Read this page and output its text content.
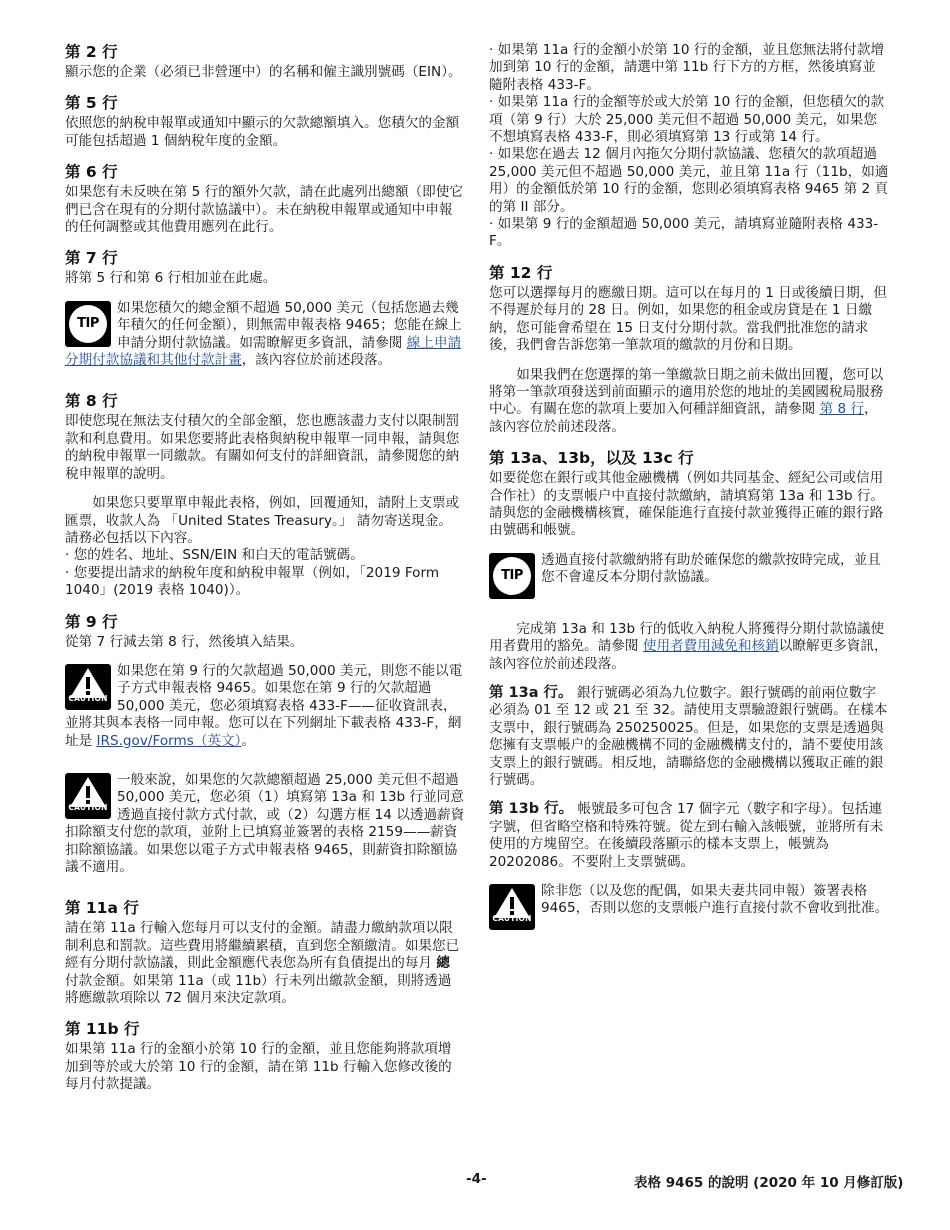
第 2 行

顯示您的企業（必須已非營運中）的名稱和僱主識別號碼（EIN）。

第 5 行

依照您的納稅申報單或通知中顯示的欠款總額填入。您積欠的金額可能包括超過 1 個納稅年度的金額。

第 6 行

如果您有未反映在第 5 行的額外欠款，請在此處列出總額（即使它們已含在現有的分期付款協議中）。未在納稅申報單或通知中申報的任何調整或其他費用應列在此行。

第 7 行

將第 5 行和第 6 行相加並在此處。

TIP
如果您積欠的總金額不超過 50,000 美元（包括您過去幾年積欠的任何金額），則無需申報表格 9465；您能在線上申請分期付款協議。如需瞭解更多資訊，請參閱 線上申請分期付款協議和其他付款計畫，該內容位於前述段落。
第 8 行

即使您現在無法支付積欠的全部金額，您也應該盡力支付以限制罰款和利息費用。如果您要將此表格與納稅申報單一同申報，請與您的納稅申報單一同繳款。有關如何支付的詳細資訊，請參閱您的納稅申報單的說明。

如果您只要單單申報此表格，例如，回覆通知，請附上支票或匯票，收款人為 「United States Treasury。」 請勿寄送現金。請務必包括以下內容。

· 您的姓名、地址、SSN/EIN 和白天的電話號碼。

· 您要提出請求的納稅年度和納稅申報單（例如，「2019 Form 1040」(2019 表格 1040)）。

第 9 行

從第 7 行減去第 8 行，然後填入結果。

CAUTION
如果您在第 9 行的欠款超過 50,000 美元，則您不能以電子方式申報表格 9465。如果您在第 9 行的欠款超過 50,000 美元，您必須填寫表格 433-F——征收資訊表，並將其與本表格一同申報。您可以在下列網址下載表格 433-F，網址是 IRS.gov/Forms（英文）。
CAUTION
一般來說，如果您的欠款總額超過 25,000 美元但不超過 50,000 美元，您必須（1）填寫第 13a 和 13b 行並同意透過直接付款方式付款，或（2）勾選方框 14 以透過薪資扣除額支付您的款項，並附上已填寫並簽署的表格 2159——薪資扣除額協議。如果您以電子方式申報表格 9465，則薪資扣除額協議不適用。
第 11a 行

請在第 11a 行輸入您每月可以支付的金額。請盡力繳納款項以限制利息和罰款。這些費用將繼續累積，直到您全額繳清。如果您已經有分期付款協議，則此金額應代表您為所有負債提出的每月 總 付款金額。如果第 11a（或 11b）行未列出繳款金額，則將透過將應繳款項除以 72 個月來決定款項。

第 11b 行

如果第 11a 行的金額小於第 10 行的金額，並且您能夠將款項增加到等於或大於第 10 行的金額，請在第 11b 行輸入您修改後的每月付款提議。

· 如果第 11a 行的金額小於第 10 行的金額，並且您無法將付款增加到第 10 行的金額，請選中第 11b 行下方的方框，然後填寫並隨附表格 433-F。

· 如果第 11a 行的金額等於或大於第 10 行的金額，但您積欠的款項（第 9 行）大於 25,000 美元但不超過 50,000 美元，如果您不想填寫表格 433-F，則必須填寫第 13 行或第 14 行。

· 如果您在過去 12 個月內拖欠分期付款協議、您積欠的款項超過 25,000 美元但不超過 50,000 美元，並且第 11a 行（11b，如適用）的金額低於第 10 行的金額，您則必須填寫表格 9465 第 2 頁的第 II 部分。

· 如果第 9 行的金額超過 50,000 美元，請填寫並隨附表格 433-F。

第 12 行

您可以選擇每月的應繳日期。這可以在每月的 1 日或後續日期，但不得遲於每月的 28 日。例如，如果您的租金或房貸是在 1 日繳納，您可能會希望在 15 日支付分期付款。當我們批准您的請求後，我們會告訴您第一筆款項的繳款的月份和日期。

如果我們在您選擇的第一筆繳款日期之前未做出回覆，您可以將第一筆款項發送到前面顯示的適用於您的地址的美國國稅局服務中心。有關在您的款項上要加入何種詳細資訊，請參閱 第 8 行，該內容位於前述段落。

第 13a、13b，以及 13c 行

如要從您在銀行或其他金融機構（例如共同基金、經紀公司或信用合作社）的支票帳户中直接付款繳納，請填寫第 13a 和 13b 行。請與您的金融機構核實，確保能進行直接付款並獲得正確的銀行路由號碼和帳號。

TIP
透過直接付款繳納將有助於確保您的繳款按時完成，並且您不會違反本分期付款協議。

完成第 13a 和 13b 行的低收入納稅人將獲得分期付款協議使用者費用的豁免。請參閱 使用者費用減免和核銷以瞭解更多資訊，該內容位於前述段落。

第 13a 行。 銀行號碼必須為九位數字。銀行號碼的前兩位數字必須為 01 至 12 或 21 至 32。請使用支票驗證銀行號碼。在樣本支票中，銀行號碼為 250250025。但是，如果您的支票是透過與您擁有支票帳户的金融機構不同的金融機構支付的，請不要使用該支票上的銀行號碼。相反地，請聯絡您的金融機構以獲取正確的銀行號碼。

第 13b 行。 帳號最多可包含 17 個字元（數字和字母）。包括連字號，但省略空格和特殊符號。從左到右輸入該帳號，並將所有未使用的方塊留空。在後續段落顯示的樣本支票上，帳號為 20202086。不要附上支票號碼。

CAUTION
除非您（以及您的配偶，如果夫妻共同申報）簽署表格 9465，否則以您的支票帳户進行直接付款不會收到批准。
-4-	表格 9465 的說明 (2020 年 10 月修訂版)
